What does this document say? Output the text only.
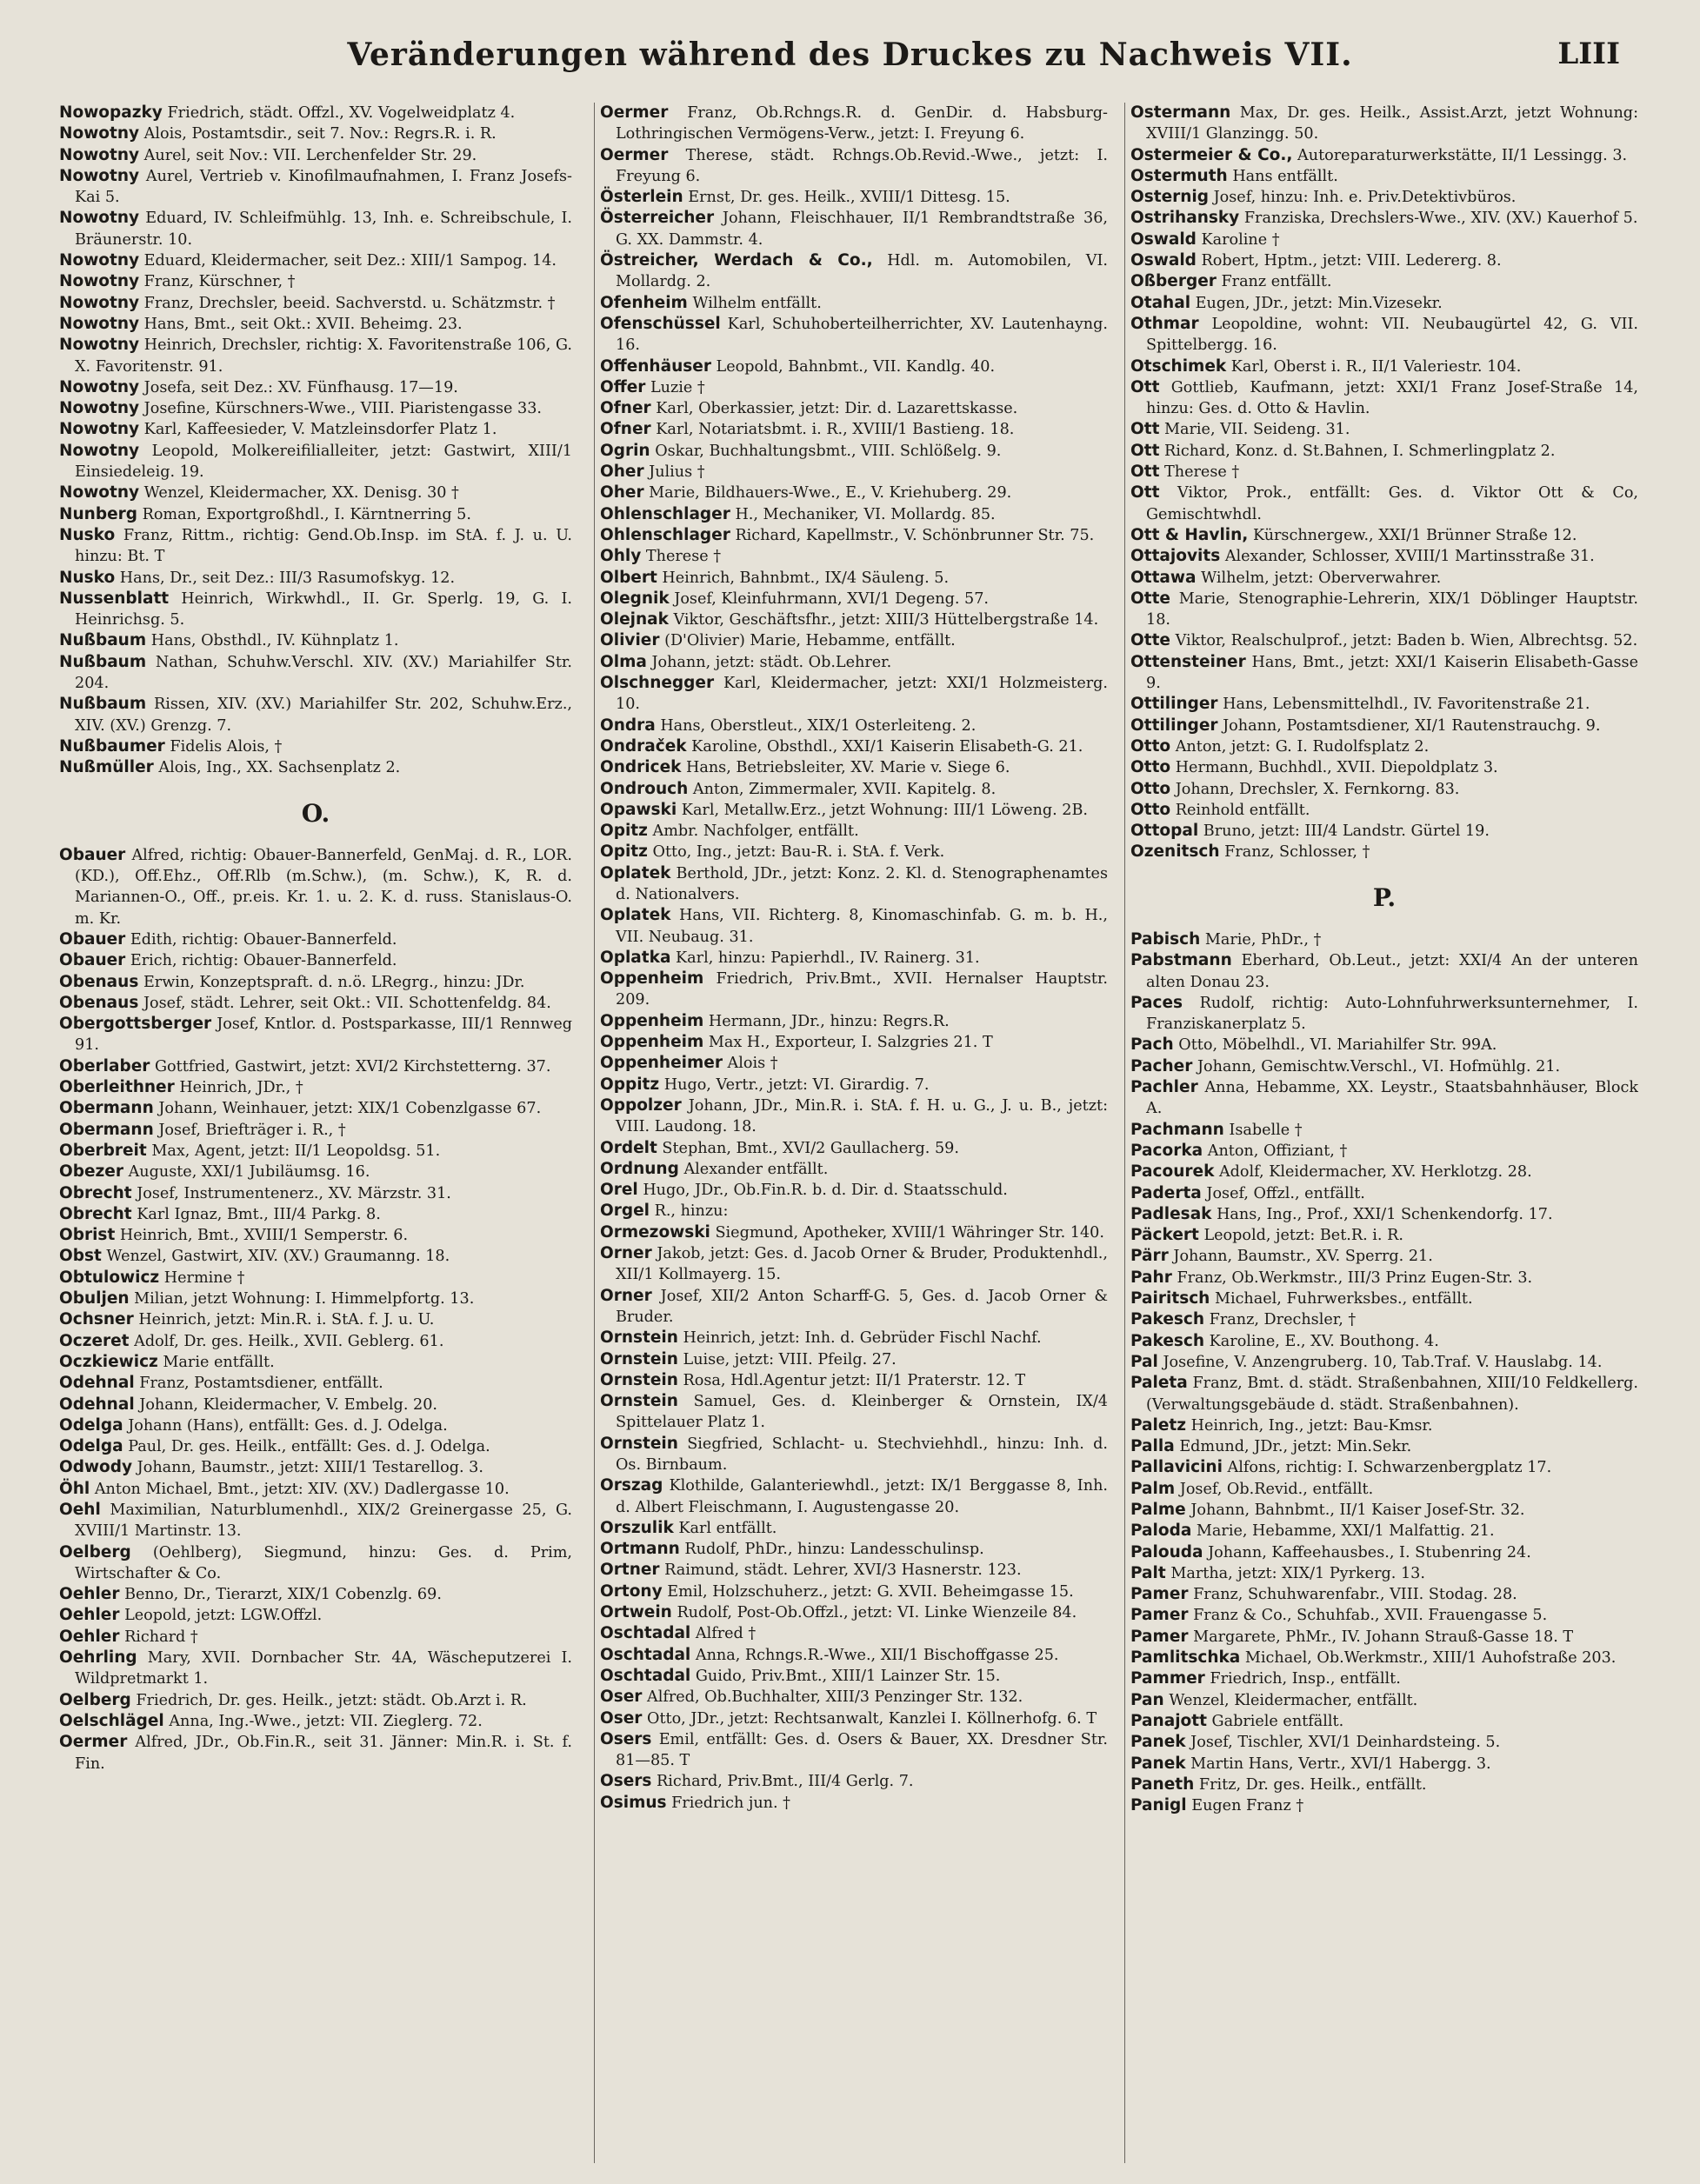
Veränderungen während des Druckes zu Nachweis VII.	LIII

Nowopazky Friedrich, städt. Offzl., XV. Vogelweidplatz 4.

Nowotny Alois, Postamtsdir., seit 7. Nov.: Regrs.R. i. R.

Nowotny Aurel, seit Nov.: VII. Lerchenfelder Str. 29.

Nowotny Aurel, Vertrieb v. Kinofilmaufnahmen, I. Franz Josefs-Kai 5.

Nowotny Eduard, IV. Schleifmühlg. 13, Inh. e. Schreibschule, I. Bräunerstr. 10.

Nowotny Eduard, Kleidermacher, seit Dez.: XIII/1 Sampog. 14.

Nowotny Franz, Kürschner, †

Nowotny Franz, Drechsler, beeid. Sachverstd. u. Schätzmstr. †

Nowotny Hans, Bmt., seit Okt.: XVII. Beheimg. 23.

Nowotny Heinrich, Drechsler, richtig: X. Favoritenstraße 106, G. X. Favoritenstr. 91.

Nowotny Josefa, seit Dez.: XV. Fünfhausg. 17—19.

Nowotny Josefine, Kürschners-Wwe., VIII. Piaristengasse 33.

Nowotny Karl, Kaffeesieder, V. Matzleinsdorfer Platz 1.

Nowotny Leopold, Molkereifilialleiter, jetzt: Gastwirt, XIII/1 Einsiedeleig. 19.

Nowotny Wenzel, Kleidermacher, XX. Denisg. 30 †

Nunberg Roman, Exportgroßhdl., I. Kärntnerring 5.

Nusko Franz, Rittm., richtig: Gend.Ob.Insp. im StA. f. J. u. U. hinzu: Bt. T

Nusko Hans, Dr., seit Dez.: III/3 Rasumofskyg. 12.

Nussenblatt Heinrich, Wirkwhdl., II. Gr. Sperlg. 19, G. I. Heinrichsg. 5.

Nußbaum Hans, Obsthdl., IV. Kühnplatz 1.

Nußbaum Nathan, Schuhw.Verschl. XIV. (XV.) Mariahilfer Str. 204.

Nußbaum Rissen, XIV. (XV.) Mariahilfer Str. 202, Schuhw.Erz., XIV. (XV.) Grenzg. 7.

Nußbaumer Fidelis Alois, †

Nußmüller Alois, Ing., XX. Sachsenplatz 2.

O.

Obauer Alfred, richtig: Obauer-Bannerfeld, GenMaj. d. R., LOR. (KD.), Off.Ehz., Off.Rlb (m.Schw.), (m. Schw.), K, R. d. Mariannen-O., Off., pr.eis. Kr. 1. u. 2. K. d. russ. Stanislaus-O. m. Kr.

Obauer Edith, richtig: Obauer-Bannerfeld.

Obauer Erich, richtig: Obauer-Bannerfeld.

Obenaus Erwin, Konzeptspraft. d. n.ö. LRegrg., hinzu: JDr.

Obenaus Josef, städt. Lehrer, seit Okt.: VII. Schottenfeldg. 84.

Obergottsberger Josef, Kntlor. d. Postsparkasse, III/1 Rennweg 91.

Oberlaber Gottfried, Gastwirt, jetzt: XVI/2 Kirchstetterng. 37.

Oberleithner Heinrich, JDr., †

Obermann Johann, Weinhauer, jetzt: XIX/1 Cobenzlgasse 67.

Obermann Josef, Briefträger i. R., †

Oberbreit Max, Agent, jetzt: II/1 Leopoldsg. 51.

Obezer Auguste, XXI/1 Jubiläumsg. 16.

Obrecht Josef, Instrumentenerz., XV. Märzstr. 31.

Obrecht Karl Ignaz, Bmt., III/4 Parkg. 8.

Obrist Heinrich, Bmt., XVIII/1 Semperstr. 6.

Obst Wenzel, Gastwirt, XIV. (XV.) Graumanng. 18.

Obtulowicz Hermine †

Obuljen Milian, jetzt Wohnung: I. Himmelpfortg. 13.

Ochsner Heinrich, jetzt: Min.R. i. StA. f. J. u. U.

Oczeret Adolf, Dr. ges. Heilk., XVII. Geblerg. 61.

Oczkiewicz Marie entfällt.

Odehnal Franz, Postamtsdiener, entfällt.

Odehnal Johann, Kleidermacher, V. Embelg. 20.

Odelga Johann (Hans), entfällt: Ges. d. J. Odelga.

Odelga Paul, Dr. ges. Heilk., entfällt: Ges. d. J. Odelga.

Odwody Johann, Baumstr., jetzt: XIII/1 Testarellog. 3.

Öhl Anton Michael, Bmt., jetzt: XIV. (XV.) Dadlergasse 10.

Oehl Maximilian, Naturblumenhdl., XIX/2 Greinergasse 25, G. XVIII/1 Martinstr. 13.

Oelberg (Oehlberg), Siegmund, hinzu: Ges. d. Prim, Wirtschafter & Co.

Oehler Benno, Dr., Tierarzt, XIX/1 Cobenzlg. 69.

Oehler Leopold, jetzt: LGW.Offzl.

Oehler Richard †

Oehrling Mary, XVII. Dornbacher Str. 4A, Wäscheputzerei I. Wildpretmarkt 1.

Oelberg Friedrich, Dr. ges. Heilk., jetzt: städt. Ob.Arzt i. R.

Oelschlägel Anna, Ing.-Wwe., jetzt: VII. Zieglerg. 72.

Oermer Alfred, JDr., Ob.Fin.R., seit 31. Jänner: Min.R. i. St. f. Fin.

Oermer Franz, Ob.Rchngs.R. d. GenDir. d. Habsburg-Lothringischen Vermögens-Verw., jetzt: I. Freyung 6.

Oermer Therese, städt. Rchngs.Ob.Revid.-Wwe., jetzt: I. Freyung 6.

Österlein Ernst, Dr. ges. Heilk., XVIII/1 Dittesg. 15.

Österreicher Johann, Fleischhauer, II/1 Rembrandtstraße 36, G. XX. Dammstr. 4.

Östreicher, Werdach & Co., Hdl. m. Automobilen, VI. Mollardg. 2.

Ofenheim Wilhelm entfällt.

Ofenschüssel Karl, Schuhoberteilherrichter, XV. Lautenhayng. 16.

Offenhäuser Leopold, Bahnbmt., VII. Kandlg. 40.

Offer Luzie †

Ofner Karl, Oberkassier, jetzt: Dir. d. Lazarettskasse.

Ofner Karl, Notariatsbmt. i. R., XVIII/1 Bastieng. 18.

Ogrin Oskar, Buchhaltungsbmt., VIII. Schlößelg. 9.

Oher Julius †

Oher Marie, Bildhauers-Wwe., E., V. Kriehuberg. 29.

Ohlenschlager H., Mechaniker, VI. Mollardg. 85.

Ohlenschlager Richard, Kapellmstr., V. Schönbrunner Str. 75.

Ohly Therese †

Olbert Heinrich, Bahnbmt., IX/4 Säuleng. 5.

Olegnik Josef, Kleinfuhrmann, XVI/1 Degeng. 57.

Olejnak Viktor, Geschäftsfhr., jetzt: XIII/3 Hüttelbergstraße 14.

Olivier (D'Olivier) Marie, Hebamme, entfällt.

Olma Johann, jetzt: städt. Ob.Lehrer.

Olschnegger Karl, Kleidermacher, jetzt: XXI/1 Holzmeisterg. 10.

Ondra Hans, Oberstleut., XIX/1 Osterleiteng. 2.

Ondraček Karoline, Obsthdl., XXI/1 Kaiserin Elisabeth-G. 21.

Ondricek Hans, Betriebsleiter, XV. Marie v. Siege 6.

Ondrouch Anton, Zimmermaler, XVII. Kapitelg. 8.

Opawski Karl, Metallw.Erz., jetzt Wohnung: III/1 Löweng. 2B.

Opitz Ambr. Nachfolger, entfällt.

Opitz Otto, Ing., jetzt: Bau-R. i. StA. f. Verk.

Oplatek Berthold, JDr., jetzt: Konz. 2. Kl. d. Stenographenamtes d. Nationalvers.

Oplatek Hans, VII. Richterg. 8, Kinomaschinfab. G. m. b. H., VII. Neubaug. 31.

Oplatka Karl, hinzu: Papierhdl., IV. Rainerg. 31.

Oppenheim Friedrich, Priv.Bmt., XVII. Hernalser Hauptstr. 209.

Oppenheim Hermann, JDr., hinzu: Regrs.R.

Oppenheim Max H., Exporteur, I. Salzgries 21. T

Oppenheimer Alois †

Oppitz Hugo, Vertr., jetzt: VI. Girardig. 7.

Oppolzer Johann, JDr., Min.R. i. StA. f. H. u. G., J. u. B., jetzt: VIII. Laudong. 18.

Ordelt Stephan, Bmt., XVI/2 Gaullacherg. 59.

Ordnung Alexander entfällt.

Orel Hugo, JDr., Ob.Fin.R. b. d. Dir. d. Staatsschuld.

Orgel R., hinzu:

Ormezowski Siegmund, Apotheker, XVIII/1 Währinger Str. 140.

Orner Jakob, jetzt: Ges. d. Jacob Orner & Bruder, Produktenhdl., XII/1 Kollmayerg. 15.

Orner Josef, XII/2 Anton Scharff-G. 5, Ges. d. Jacob Orner & Bruder.

Ornstein Heinrich, jetzt: Inh. d. Gebrüder Fischl Nachf.

Ornstein Luise, jetzt: VIII. Pfeilg. 27.

Ornstein Rosa, Hdl.Agentur jetzt: II/1 Praterstr. 12. T

Ornstein Samuel, Ges. d. Kleinberger & Ornstein, IX/4 Spittelauer Platz 1.

Ornstein Siegfried, Schlacht- u. Stechviehhdl., hinzu: Inh. d. Os. Birnbaum.

Orszag Klothilde, Galanteriewhdl., jetzt: IX/1 Berggasse 8, Inh. d. Albert Fleischmann, I. Augustengasse 20.

Orszulik Karl entfällt.

Ortmann Rudolf, PhDr., hinzu: Landesschulinsp.

Ortner Raimund, städt. Lehrer, XVI/3 Hasnerstr. 123.

Ortony Emil, Holzschuherz., jetzt: G. XVII. Beheimgasse 15.

Ortwein Rudolf, Post-Ob.Offzl., jetzt: VI. Linke Wienzeile 84.

Oschtadal Alfred †

Oschtadal Anna, Rchngs.R.-Wwe., XII/1 Bischoffgasse 25.

Oschtadal Guido, Priv.Bmt., XIII/1 Lainzer Str. 15.

Oser Alfred, Ob.Buchhalter, XIII/3 Penzinger Str. 132.

Oser Otto, JDr., jetzt: Rechtsanwalt, Kanzlei I. Köllnerhofg. 6. T

Osers Emil, entfällt: Ges. d. Osers & Bauer, XX. Dresdner Str. 81—85. T

Osers Richard, Priv.Bmt., III/4 Gerlg. 7.

Osimus Friedrich jun. †

Ostermann Max, Dr. ges. Heilk., Assist.Arzt, jetzt Wohnung: XVIII/1 Glanzingg. 50.

Ostermeier & Co., Autoreparaturwerkstätte, II/1 Lessingg. 3.

Ostermuth Hans entfällt.

Osternig Josef, hinzu: Inh. e. Priv.Detektivbüros.

Ostrihansky Franziska, Drechslers-Wwe., XIV. (XV.) Kauerhof 5.

Oswald Karoline †

Oswald Robert, Hptm., jetzt: VIII. Ledererg. 8.

Oßberger Franz entfällt.

Otahal Eugen, JDr., jetzt: Min.Vizesekr.

Othmar Leopoldine, wohnt: VII. Neubaugürtel 42, G. VII. Spittelbergg. 16.

Otschimek Karl, Oberst i. R., II/1 Valeriestr. 104.

Ott Gottlieb, Kaufmann, jetzt: XXI/1 Franz Josef-Straße 14, hinzu: Ges. d. Otto & Havlin.

Ott Marie, VII. Seideng. 31.

Ott Richard, Konz. d. St.Bahnen, I. Schmerlingplatz 2.

Ott Therese †

Ott Viktor, Prok., entfällt: Ges. d. Viktor Ott & Co, Gemischtwhdl.

Ott & Havlin, Kürschnergew., XXI/1 Brünner Straße 12.

Ottajovits Alexander, Schlosser, XVIII/1 Martinsstraße 31.

Ottawa Wilhelm, jetzt: Oberverwahrer.

Otte Marie, Stenographie-Lehrerin, XIX/1 Döblinger Hauptstr. 18.

Otte Viktor, Realschulprof., jetzt: Baden b. Wien, Albrechtsg. 52.

Ottensteiner Hans, Bmt., jetzt: XXI/1 Kaiserin Elisabeth-Gasse 9.

Ottilinger Hans, Lebensmittelhdl., IV. Favoritenstraße 21.

Ottilinger Johann, Postamtsdiener, XI/1 Rautenstrauchg. 9.

Otto Anton, jetzt: G. I. Rudolfsplatz 2.

Otto Hermann, Buchhdl., XVII. Diepoldplatz 3.

Otto Johann, Drechsler, X. Fernkorng. 83.

Otto Reinhold entfällt.

Ottopal Bruno, jetzt: III/4 Landstr. Gürtel 19.

Ozenitsch Franz, Schlosser, †

P.

Pabisch Marie, PhDr., †

Pabstmann Eberhard, Ob.Leut., jetzt: XXI/4 An der unteren alten Donau 23.

Paces Rudolf, richtig: Auto-Lohnfuhrwerksunternehmer, I. Franziskanerplatz 5.

Pach Otto, Möbelhdl., VI. Mariahilfer Str. 99A.

Pacher Johann, Gemischtw.Verschl., VI. Hofmühlg. 21.

Pachler Anna, Hebamme, XX. Leystr., Staatsbahnhäuser, Block A.

Pachmann Isabelle †

Pacorka Anton, Offiziant, †

Pacourek Adolf, Kleidermacher, XV. Herklotzg. 28.

Paderta Josef, Offzl., entfällt.

Padlesak Hans, Ing., Prof., XXI/1 Schenkendorfg. 17.

Päckert Leopold, jetzt: Bet.R. i. R.

Pärr Johann, Baumstr., XV. Sperrg. 21.

Pahr Franz, Ob.Werkmstr., III/3 Prinz Eugen-Str. 3.

Pairitsch Michael, Fuhrwerksbes., entfällt.

Pakesch Franz, Drechsler, †

Pakesch Karoline, E., XV. Bouthong. 4.

Pal Josefine, V. Anzengruberg. 10, Tab.Traf. V. Hauslabg. 14.

Paleta Franz, Bmt. d. städt. Straßenbahnen, XIII/10 Feldkellerg. (Verwaltungsgebäude d. städt. Straßenbahnen).

Paletz Heinrich, Ing., jetzt: Bau-Kmsr.

Palla Edmund, JDr., jetzt: Min.Sekr.

Pallavicini Alfons, richtig: I. Schwarzenbergplatz 17.

Palm Josef, Ob.Revid., entfällt.

Palme Johann, Bahnbmt., II/1 Kaiser Josef-Str. 32.

Paloda Marie, Hebamme, XXI/1 Malfattig. 21.

Palouda Johann, Kaffeehausbes., I. Stubenring 24.

Palt Martha, jetzt: XIX/1 Pyrkerg. 13.

Pamer Franz, Schuhwarenfabr., VIII. Stodag. 28.

Pamer Franz & Co., Schuhfab., XVII. Frauengasse 5.

Pamer Margarete, PhMr., IV. Johann Strauß-Gasse 18. T

Pamlitschka Michael, Ob.Werkmstr., XIII/1 Auhofstraße 203.

Pammer Friedrich, Insp., entfällt.

Pan Wenzel, Kleidermacher, entfällt.

Panajott Gabriele entfällt.

Panek Josef, Tischler, XVI/1 Deinhardsteing. 5.

Panek Martin Hans, Vertr., XVI/1 Habergg. 3.

Paneth Fritz, Dr. ges. Heilk., entfällt.

Panigl Eugen Franz †
